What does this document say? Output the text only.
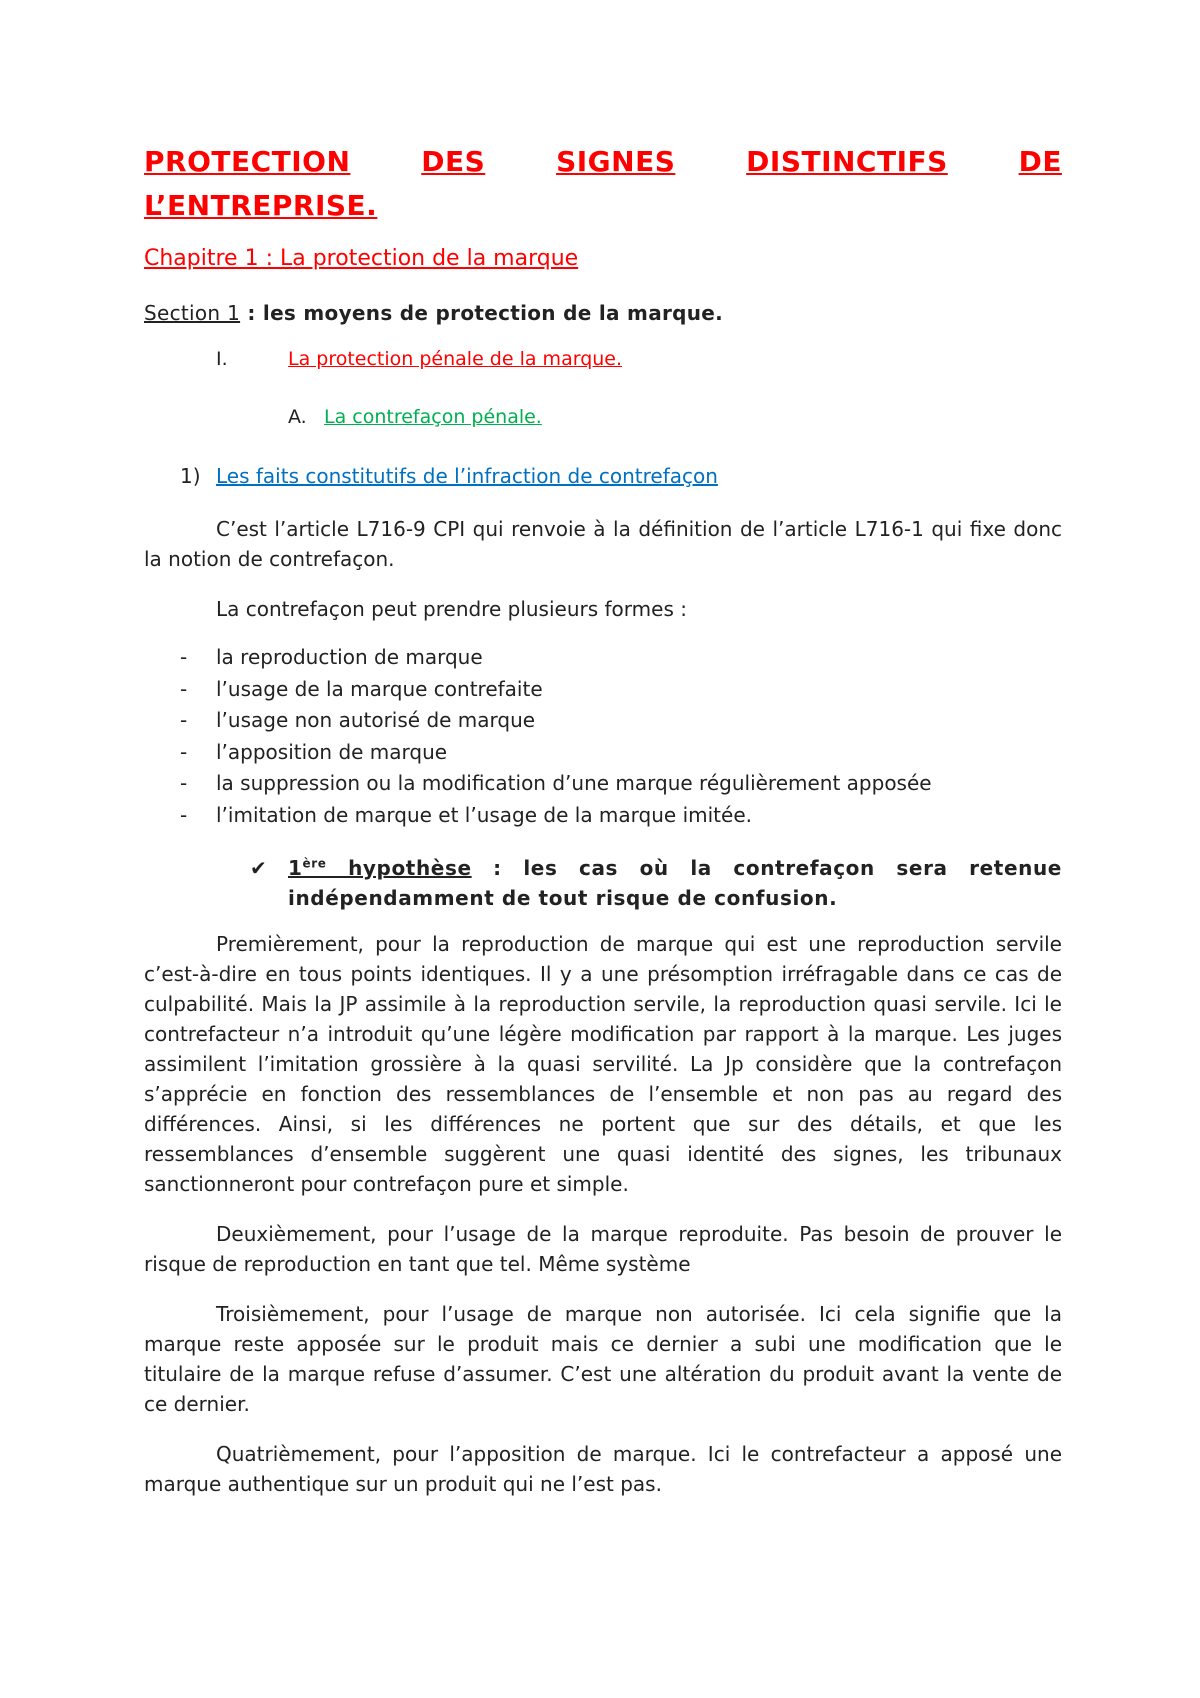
PROTECTION	DES	SIGNES	DISTINCTIFS	DE
L’ENTREPRISE.
Chapitre 1 : La protection de la marque
Section 1 : les moyens de protection de la marque.
I.	La protection pénale de la marque.
A. La contrefaçon pénale.
1) Les faits constitutifs de l’infraction de contrefaçon

C’est l’article L716-9 CPI qui renvoie à la définition de l’article L716-1 qui fixe donc la notion de contrefaçon.

La contrefaçon peut prendre plusieurs formes :

- la reproduction de marque
- l’usage de la marque contrefaite
- l’usage non autorisé de marque
- l’apposition de marque
- la suppression ou la modification d’une marque régulièrement apposée
- l’imitation de marque et l’usage de la marque imitée.
✔ 1ère hypothèse : les cas où la contrefaçon sera retenue indépendamment de tout risque de confusion.

Premièrement, pour la reproduction de marque qui est une reproduction servile c’est-à-dire en tous points identiques. Il y a une présomption irréfragable dans ce cas de culpabilité. Mais la JP assimile à la reproduction servile, la reproduction quasi servile. Ici le contrefacteur n’a introduit qu’une légère modification par rapport à la marque. Les juges assimilent l’imitation grossière à la quasi servilité. La Jp considère que la contrefaçon s’apprécie en fonction des ressemblances de l’ensemble et non pas au regard des différences. Ainsi, si les différences ne portent que sur des détails, et que les ressemblances d’ensemble suggèrent une quasi identité des signes, les tribunaux sanctionneront pour contrefaçon pure et simple.

Deuxièmement, pour l’usage de la marque reproduite. Pas besoin de prouver le risque de reproduction en tant que tel. Même système

Troisièmement, pour l’usage de marque non autorisée. Ici cela signifie que la marque reste apposée sur le produit mais ce dernier a subi une modification que le titulaire de la marque refuse d’assumer. C’est une altération du produit avant la vente de ce dernier.

Quatrièmement, pour l’apposition de marque. Ici le contrefacteur a apposé une marque authentique sur un produit qui ne l’est pas.
